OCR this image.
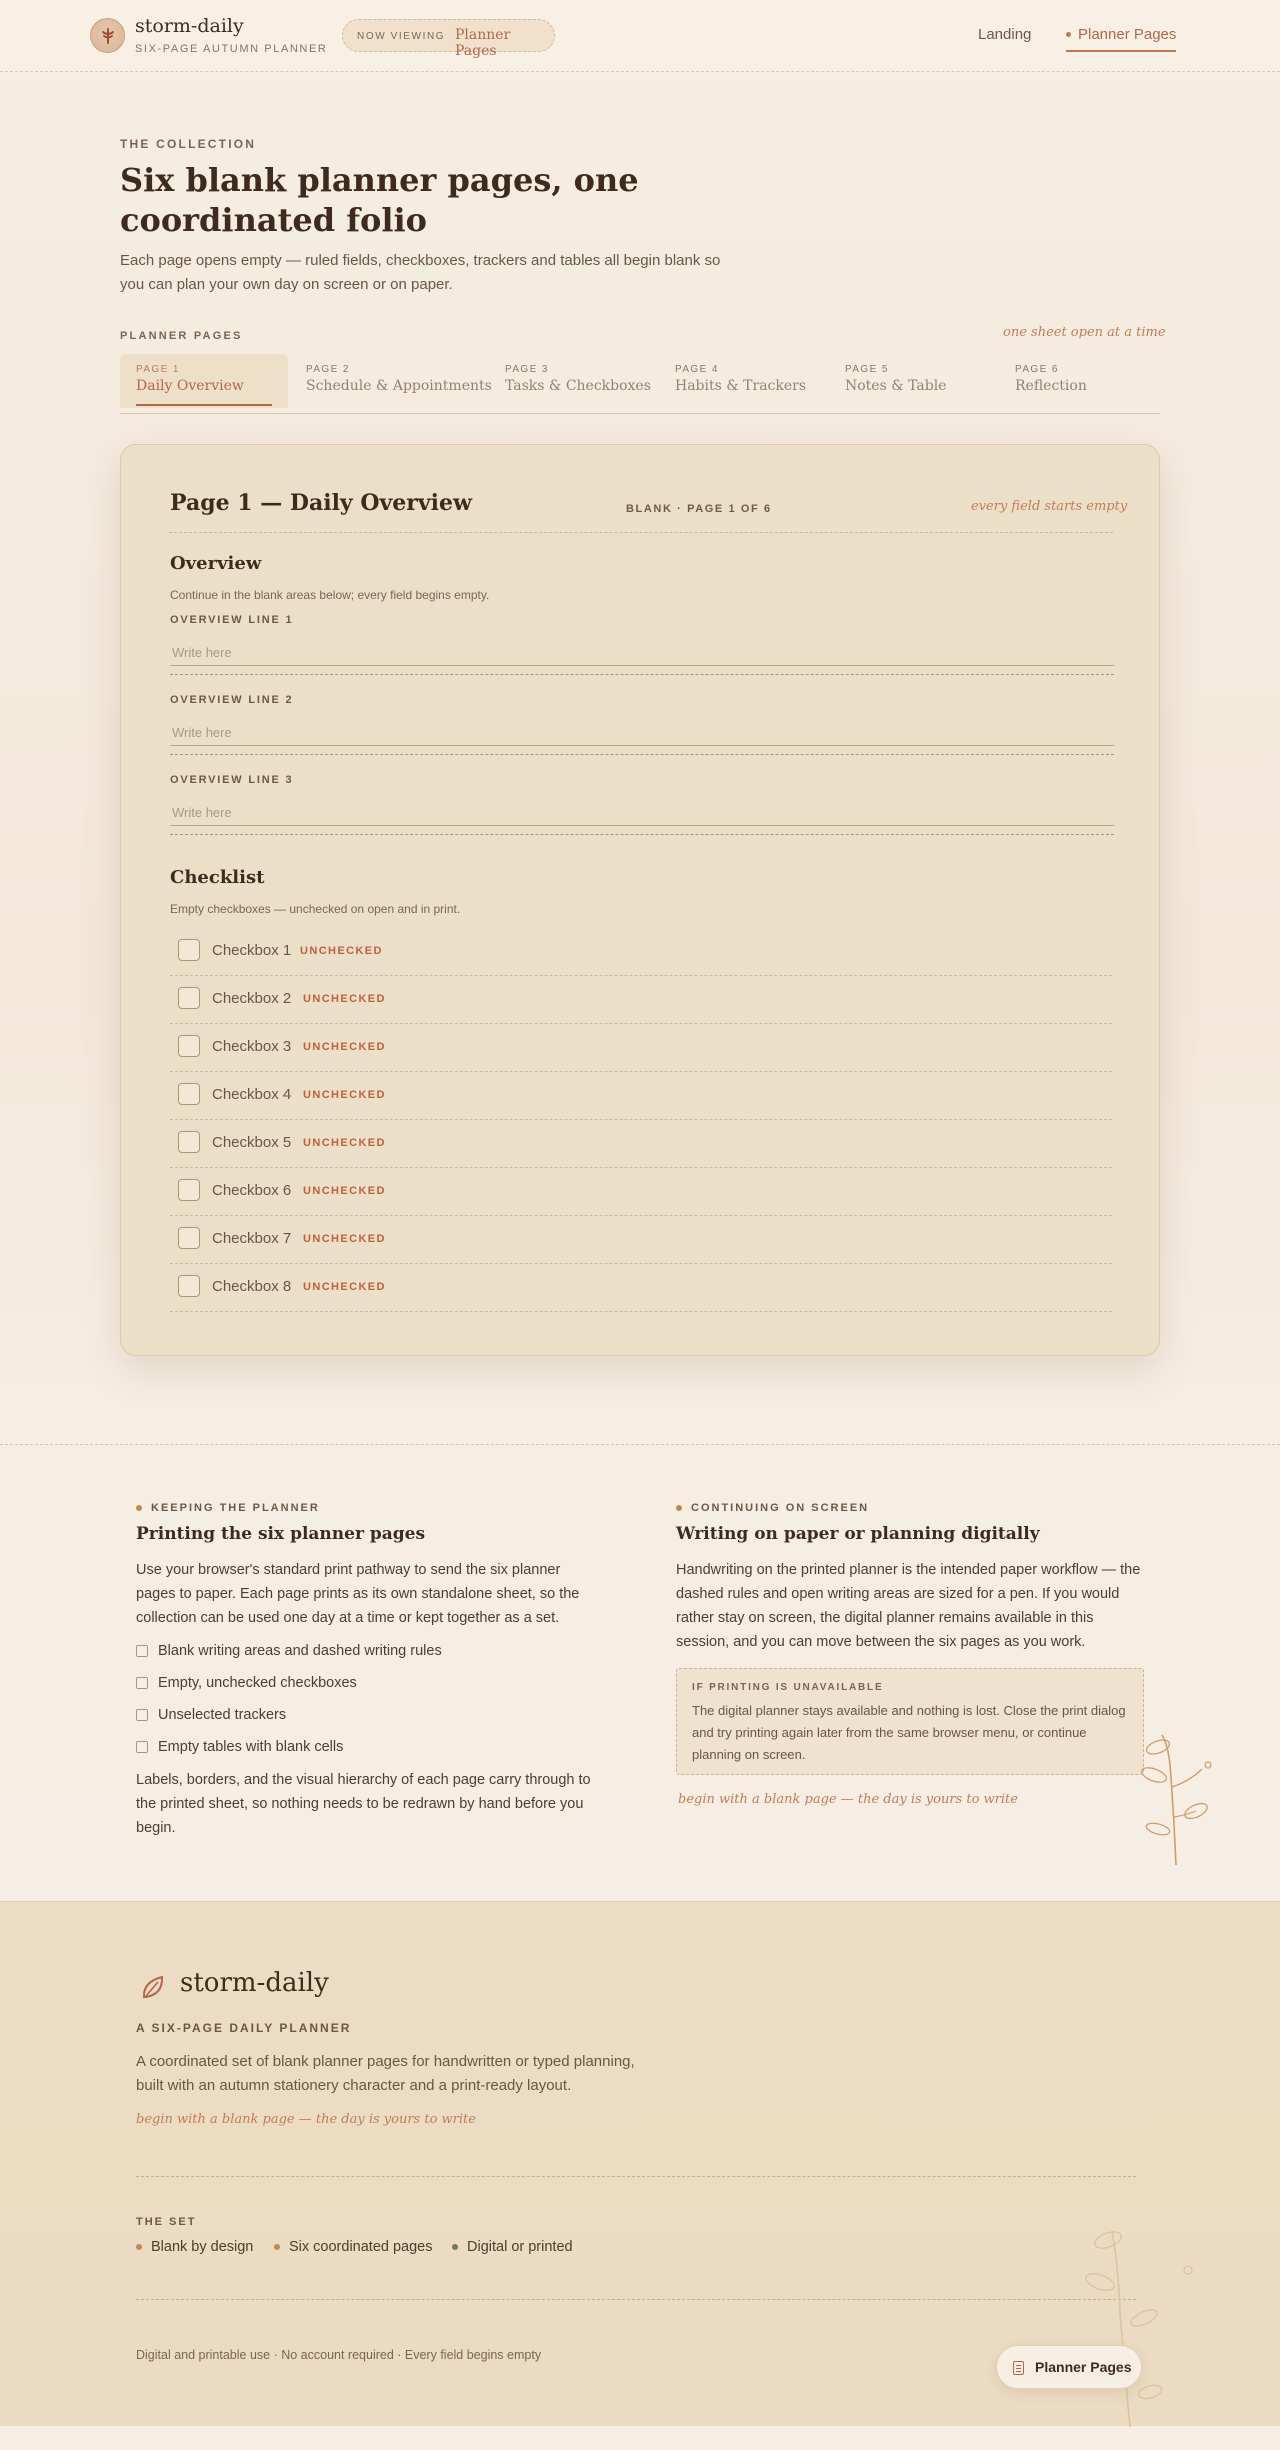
storm-daily
SIX-PAGE AUTUMN PLANNER
NOW VIEWING Planner Pages
Landing	Planner Pages
THE COLLECTION
Six blank planner pages, one coordinated folio

Each page opens empty — ruled fields, checkboxes, trackers and tables all begin blank so you can plan your own day on screen or on paper.

PLANNER PAGES	one sheet open at a time
PAGE 1
Daily Overview
PAGE 2
Schedule & Appointments
PAGE 3
Tasks & Checkboxes
PAGE 4
Habits & Trackers
PAGE 5
Notes & Table
PAGE 6
Reflection
Page 1 — Daily Overview	BLANK · PAGE 1 OF 6	every field starts empty
Overview
Continue in the blank areas below; every field begins empty.
OVERVIEW LINE 1
Write here
OVERVIEW LINE 2
Write here
OVERVIEW LINE 3
Write here
Checklist
Empty checkboxes — unchecked on open and in print.
Checkbox 1 UNCHECKED
Checkbox 2 UNCHECKED
Checkbox 3 UNCHECKED
Checkbox 4 UNCHECKED
Checkbox 5 UNCHECKED
Checkbox 6 UNCHECKED
Checkbox 7 UNCHECKED
Checkbox 8 UNCHECKED
KEEPING THE PLANNER
Printing the six planner pages

Use your browser's standard print pathway to send the six planner pages to paper. Each page prints as its own standalone sheet, so the collection can be used one day at a time or kept together as a set.

Blank writing areas and dashed writing rules
Empty, unchecked checkboxes
Unselected trackers
Empty tables with blank cells

Labels, borders, and the visual hierarchy of each page carry through to the printed sheet, so nothing needs to be redrawn by hand before you begin.

CONTINUING ON SCREEN
Writing on paper or planning digitally

Handwriting on the printed planner is the intended paper workflow — the dashed rules and open writing areas are sized for a pen. If you would rather stay on screen, the digital planner remains available in this session, and you can move between the six pages as you work.

IF PRINTING IS UNAVAILABLE
The digital planner stays available and nothing is lost. Close the print dialog and try printing again later from the same browser menu, or continue planning on screen.
begin with a blank page — the day is yours to write
storm-daily
A SIX-PAGE DAILY PLANNER

A coordinated set of blank planner pages for handwritten or typed planning, built with an autumn stationery character and a print-ready layout.

begin with a blank page — the day is yours to write
THE SET
Blank by design	Six coordinated pages	Digital or printed
Digital and printable use · No account required · Every field begins empty
Planner Pages
